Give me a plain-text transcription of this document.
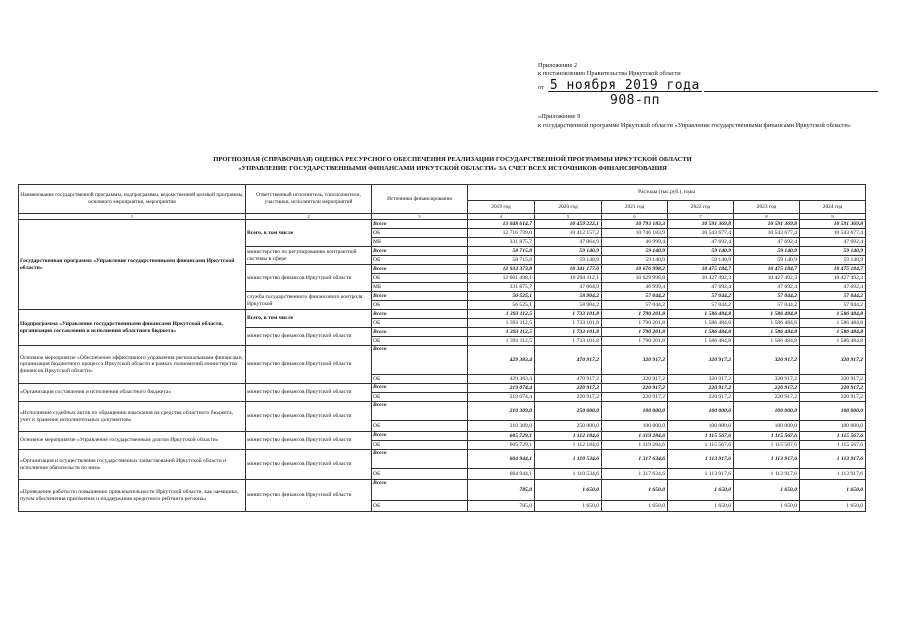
Приложение 2
к постановлению Правительства Иркутской области
от 5 ноября 2019 года
908-пп
«Приложение 9
к государственной программе Иркутской области «Управление государственными финансами Иркутской области»
ПРОГНОЗНАЯ (СПРАВОЧНАЯ) ОЦЕНКА РЕСУРСНОГО ОБЕСПЕЧЕНИЯ РЕАЛИЗАЦИИ ГОСУДАРСТВЕННОЙ ПРОГРАММЫ ИРКУТСКОЙ ОБЛАСТИ
«УПРАВЛЕНИЕ ГОСУДАРСТВЕННЫМИ ФИНАНСАМИ ИРКУТСКОЙ ОБЛАСТИ» ЗА СЧЕТ ВСЕХ ИСТОЧНИКОВ ФИНАНСИРОВАНИЯ
Наименование государственной программы, подпрограммы, ведомственной целевой программы, основного мероприятия, мероприятия	Ответственный исполнитель, соисполнители, участники, исполнители мероприятий	Источники финансирования	Расходы (тыс.руб.), годы					
			2019 год	2020 год	2021 год	2022 год	2023 год	2024 год
1	2	3	4	5	6	7	8	9
Государственная программа «Управление государственными финансами Иркутской области»	Всего, в том числе	Всего	13 048 614,7	10 459 222,1	10 793 183,3	10 591 369,8	10 591 369,8	10 591 369,8
		ОБ	12 716 739,0	10 412 157,2	10 746 183,9	10 543 677,4	10 543 677,4	10 543 677,4
		МБ	331 875,7	47 064,9	46 999,4	47 692,4	47 692,4	47 692,4
	министерство по регулированию контрактной системы в сфере	Всего	58 715,8	59 140,9	59 140,9	59 140,9	59 140,9	59 140,9
		ОБ	58 715,8	59 140,9	59 140,9	59 140,9	59 140,9	59 140,9
	министерство финансов Иркутской области	Всего	12 933 373,8	10 341 177,0	10 676 998,2	10 475 184,7	10 475 184,7	10 475 184,7
		ОБ	12 601 498,1	10 294 112,1	10 629 998,8	10 427 492,3	10 427 492,3	10 427 492,3
		МБ	331 875,7	47 064,9	46 999,4	47 692,4	47 692,4	47 692,4
	служба государственного финансового контроля Иркутской	Всего	56 525,1	58 904,2	57 044,2	57 044,2	57 044,2	57 044,2
		ОБ	56 525,1	58 904,2	57 044,2	57 044,2	57 044,2	57 044,2
Подпрограмма «Управление государственными финансами Иркутской области, организация составления и исполнения областного бюджета»	Всего, в том числе	Всего	1 393 112,5	1 733 101,8	1 790 201,8	1 586 484,8	1 586 484,8	1 586 484,8
		ОБ	1 393 112,5	1 733 101,8	1 790 201,8	1 586 484,8	1 586 484,8	1 586 484,8
	министерство финансов Иркутской области	Всего	1 393 112,5	1 733 101,8	1 790 201,8	1 586 484,8	1 586 484,8	1 586 484,8
		ОБ	1 393 112,5	1 733 101,8	1 790 201,8	1 586 484,8	1 586 484,8	1 586 484,8
Основное мероприятие «Обеспечение эффективного управления региональными финансами, организация бюджетного процесса Иркутской области в рамках полномочий министерства финансов Иркутской области»	министерство финансов Иркутской области	Всего	429 383,4	470 917,2	320 917,2	320 917,2	320 917,2	320 917,2
		ОБ	429 383,4	470 917,2	320 917,2	320 917,2	320 917,2	320 917,2
«Организация составления и исполнения областного бюджета»	министерство финансов Иркутской области	Всего	219 074,4	220 917,2	220 917,2	220 917,2	220 917,2	220 917,2
		ОБ	219 074,4	220 917,2	220 917,2	220 917,2	220 917,2	220 917,2
«Исполнение судебных актов по обращению взыскания на средства областного бюджета, учет и хранение исполнительных документов»	министерство финансов Иркутской области	Всего	210 309,0	250 000,0	100 000,0	100 000,0	100 000,0	100 000,0
		ОБ	210 309,0	250 000,0	100 000,0	100 000,0	100 000,0	100 000,0
Основное мероприятие «Управление государственным долгом Иркутской области»	министерство финансов Иркутской области	Всего	605 729,1	1 112 184,6	1 319 284,6	1 115 567,6	1 115 567,6	1 115 567,6
		ОБ	605 729,1	1 112 184,6	1 319 284,6	1 115 567,6	1 115 567,6	1 115 567,6
«Организация и осуществление государственных заимствований Иркутской области и исполнение обязательств по ним»	министерство финансов Иркутской области	Всего	604 944,1	1 110 534,6	1 317 634,6	1 113 917,6	1 113 917,6	1 113 917,6
		ОБ	604 944,1	1 110 534,6	1 317 634,6	1 113 917,6	1 113 917,6	1 113 917,6
«Проведение работы по повышению привлекательности Иркутской области, как заемщика, путем обеспечения присвоения и поддержания кредитного рейтинга региона»	министерство финансов Иркутской области	Всего	785,0	1 650,0	1 650,0	1 650,0	1 650,0	1 650,0
		ОБ	785,0	1 650,0	1 650,0	1 650,0	1 650,0	1 650,0
